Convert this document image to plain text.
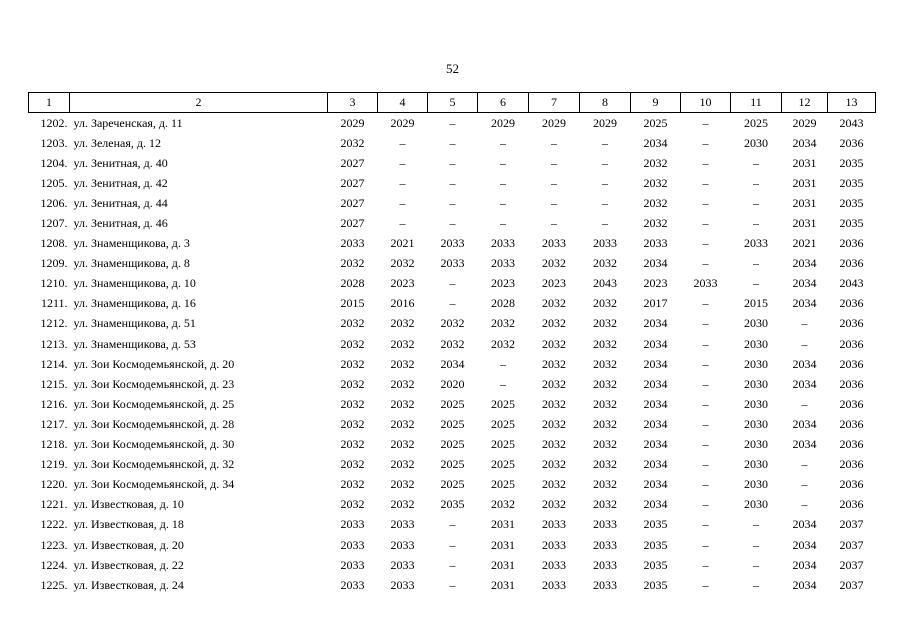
52
1	2	3	4	5	6	7	8	9	10	11	12	13
1202.	ул. Зареченская, д. 11	2029	2029	–	2029	2029	2029	2025	–	2025	2029	2043
1203.	ул. Зеленая, д. 12	2032	–	–	–	–	–	2034	–	2030	2034	2036
1204.	ул. Зенитная, д. 40	2027	–	–	–	–	–	2032	–	–	2031	2035
1205.	ул. Зенитная, д. 42	2027	–	–	–	–	–	2032	–	–	2031	2035
1206.	ул. Зенитная, д. 44	2027	–	–	–	–	–	2032	–	–	2031	2035
1207.	ул. Зенитная, д. 46	2027	–	–	–	–	–	2032	–	–	2031	2035
1208.	ул. Знаменщикова, д. 3	2033	2021	2033	2033	2033	2033	2033	–	2033	2021	2036
1209.	ул. Знаменщикова, д. 8	2032	2032	2033	2033	2032	2032	2034	–	–	2034	2036
1210.	ул. Знаменщикова, д. 10	2028	2023	–	2023	2023	2043	2023	2033	–	2034	2043
1211.	ул. Знаменщикова, д. 16	2015	2016	–	2028	2032	2032	2017	–	2015	2034	2036
1212.	ул. Знаменщикова, д. 51	2032	2032	2032	2032	2032	2032	2034	–	2030	–	2036
1213.	ул. Знаменщикова, д. 53	2032	2032	2032	2032	2032	2032	2034	–	2030	–	2036
1214.	ул. Зои Космодемьянской, д. 20	2032	2032	2034	–	2032	2032	2034	–	2030	2034	2036
1215.	ул. Зои Космодемьянской, д. 23	2032	2032	2020	–	2032	2032	2034	–	2030	2034	2036
1216.	ул. Зои Космодемьянской, д. 25	2032	2032	2025	2025	2032	2032	2034	–	2030	–	2036
1217.	ул. Зои Космодемьянской, д. 28	2032	2032	2025	2025	2032	2032	2034	–	2030	2034	2036
1218.	ул. Зои Космодемьянской, д. 30	2032	2032	2025	2025	2032	2032	2034	–	2030	2034	2036
1219.	ул. Зои Космодемьянской, д. 32	2032	2032	2025	2025	2032	2032	2034	–	2030	–	2036
1220.	ул. Зои Космодемьянской, д. 34	2032	2032	2025	2025	2032	2032	2034	–	2030	–	2036
1221.	ул. Известковая, д. 10	2032	2032	2035	2032	2032	2032	2034	–	2030	–	2036
1222.	ул. Известковая, д. 18	2033	2033	–	2031	2033	2033	2035	–	–	2034	2037
1223.	ул. Известковая, д. 20	2033	2033	–	2031	2033	2033	2035	–	–	2034	2037
1224.	ул. Известковая, д. 22	2033	2033	–	2031	2033	2033	2035	–	–	2034	2037
1225.	ул. Известковая, д. 24	2033	2033	–	2031	2033	2033	2035	–	–	2034	2037
